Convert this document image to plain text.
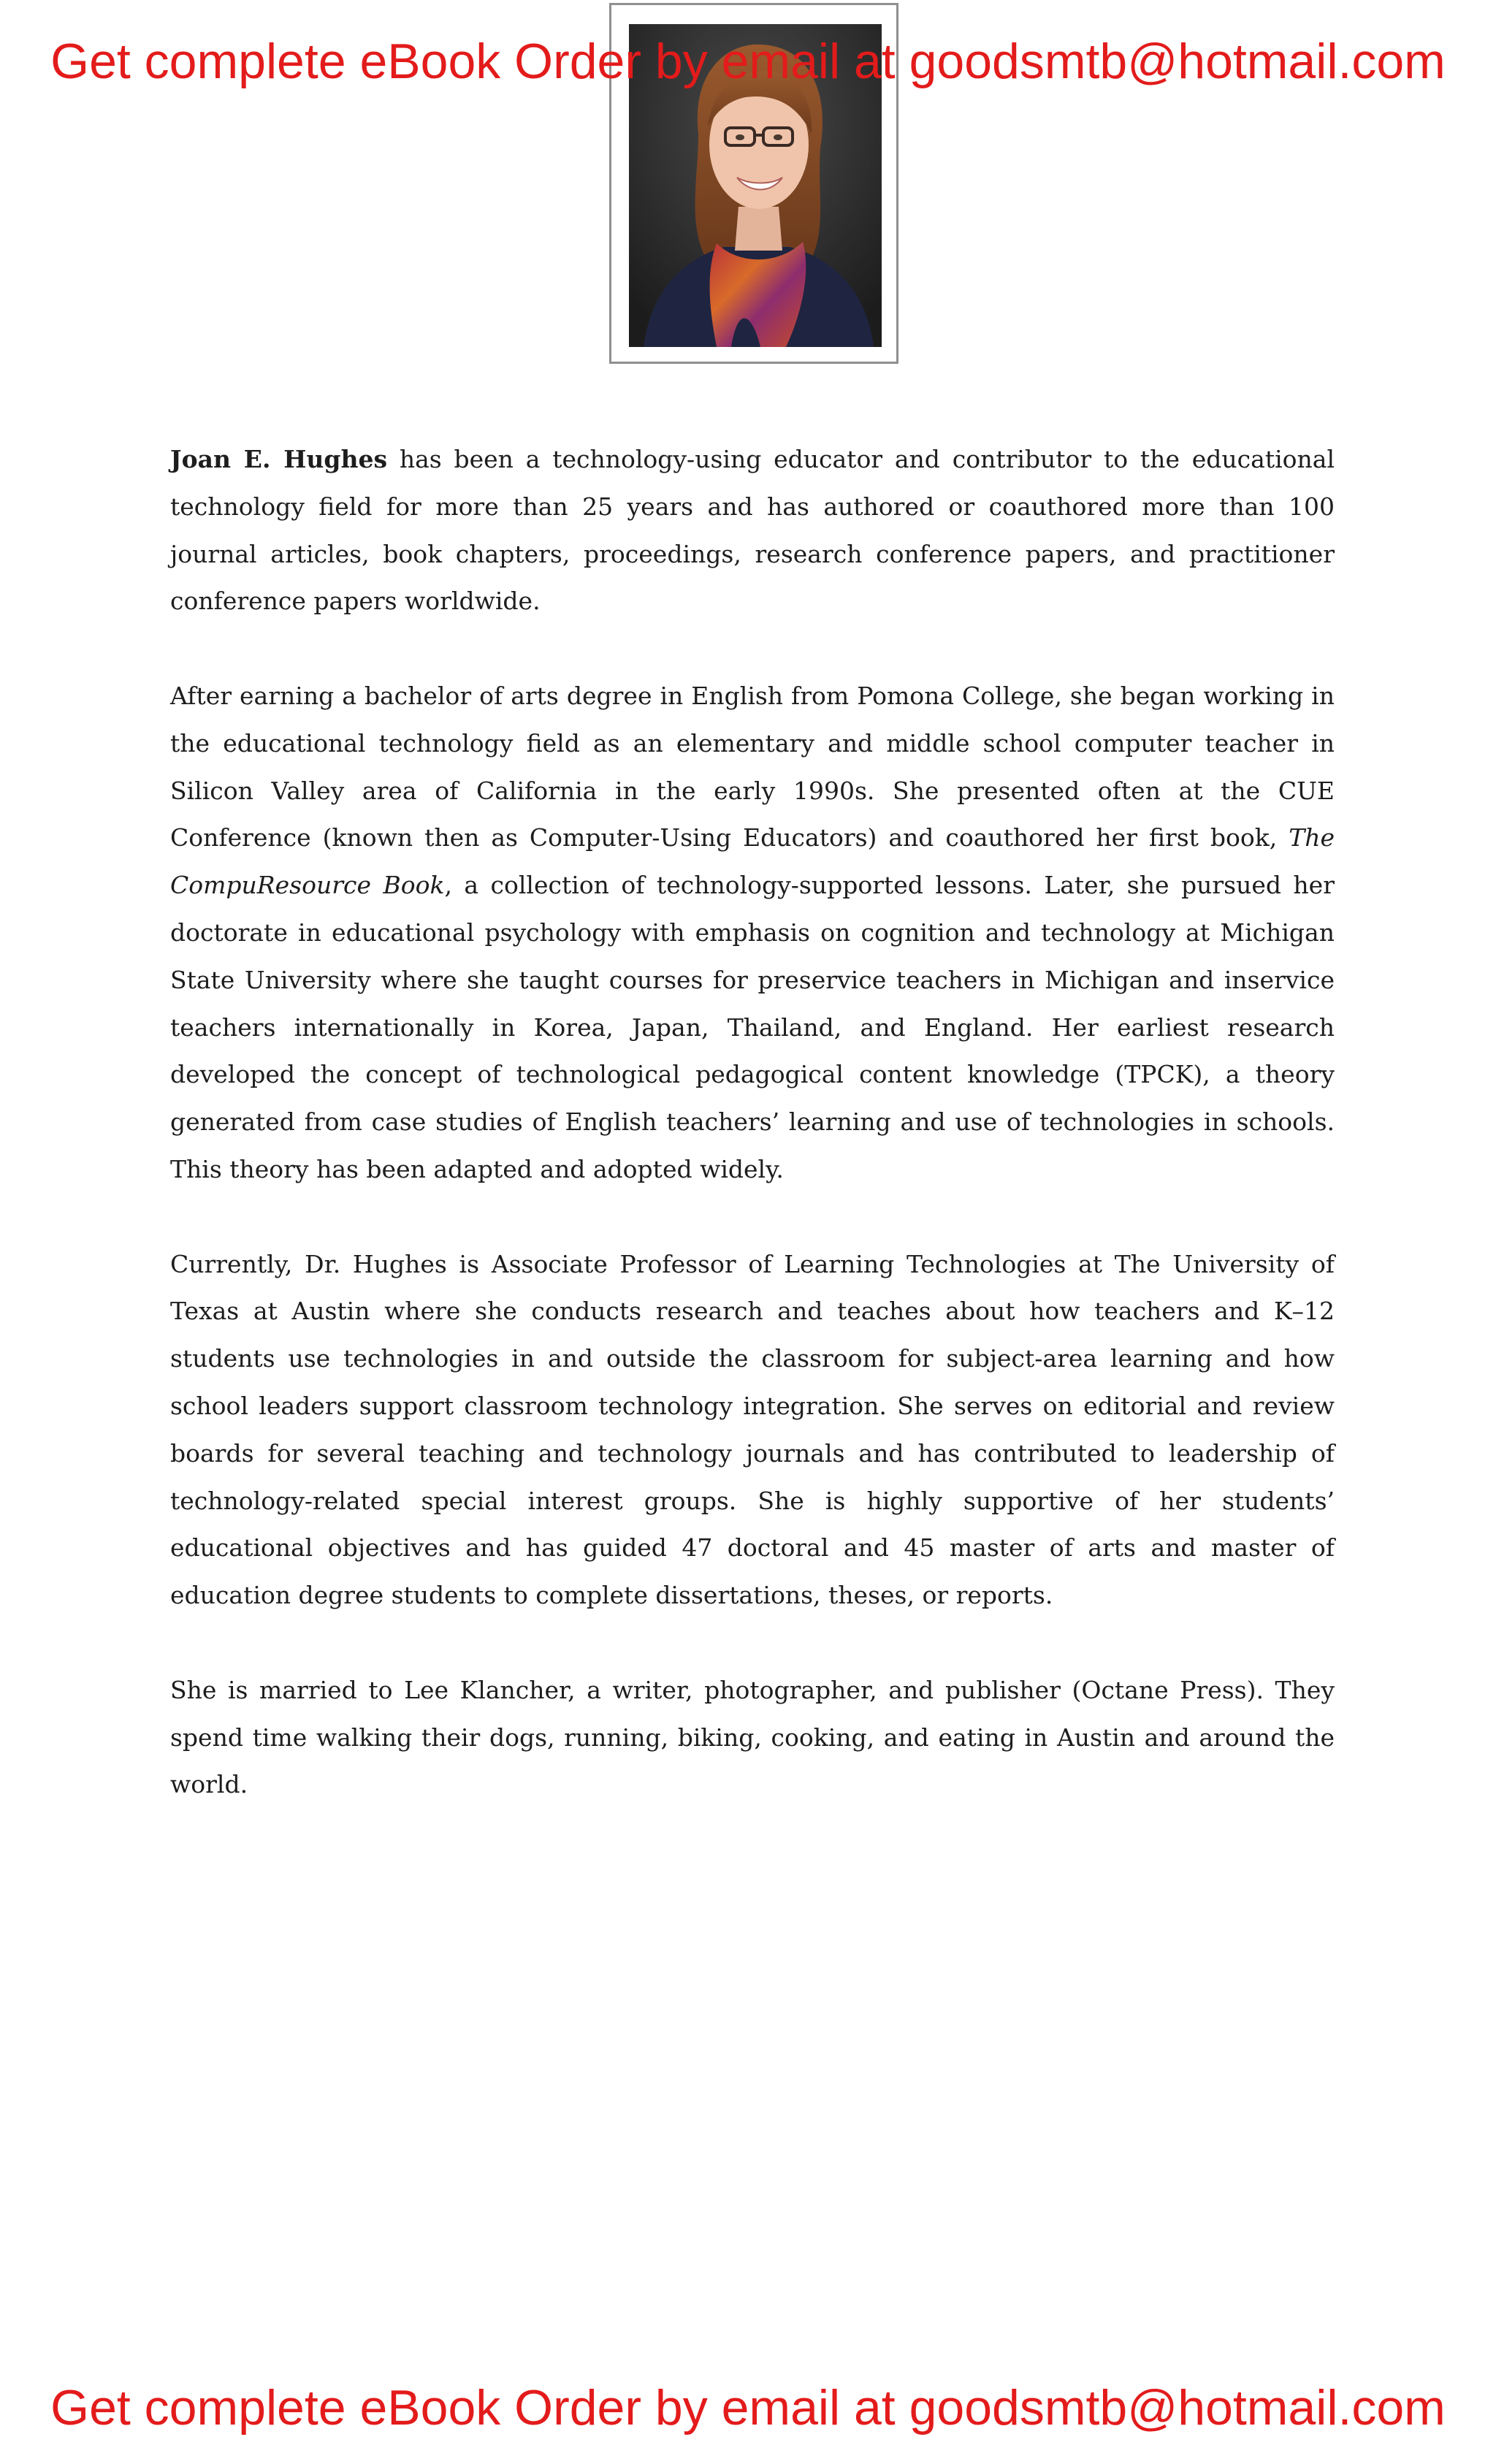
Get complete eBook Order by email at goodsmtb@hotmail.com

Joan E. Hughes has been a technology-using educator and contributor to the educational technology field for more than 25 years and has authored or coauthored more than 100 journal articles, book chapters, proceedings, research conference papers, and practitioner conference papers worldwide.

After earning a bachelor of arts degree in English from Pomona College, she began working in the educational technology field as an elementary and middle school computer teacher in Silicon Valley area of California in the early 1990s. She presented often at the CUE Conference (known then as Computer-Using Educators) and coauthored her first book, The CompuResource Book, a collection of technology-supported lessons. Later, she pursued her doctorate in educational psychology with emphasis on cognition and technology at Michigan State University where she taught courses for preservice teachers in Michigan and inservice teachers internationally in Korea, Japan, Thailand, and England. Her earliest research developed the concept of technological pedagogical content knowledge (TPCK), a theory generated from case studies of English teachers’ learning and use of technologies in schools. This theory has been adapted and adopted widely.

Currently, Dr. Hughes is Associate Professor of Learning Technologies at The University of Texas at Austin where she conducts research and teaches about how teachers and K–12 students use technologies in and outside the classroom for subject-area learning and how school leaders support classroom technology integration. She serves on editorial and review boards for several teaching and technology journals and has contributed to leadership of technology-related special interest groups. She is highly supportive of her students’ educational objectives and has guided 47 doctoral and 45 master of arts and master of education degree students to complete dissertations, theses, or reports.

She is married to Lee Klancher, a writer, photographer, and publisher (Octane Press). They spend time walking their dogs, running, biking, cooking, and eating in Austin and around the world.

Get complete eBook Order by email at goodsmtb@hotmail.com
